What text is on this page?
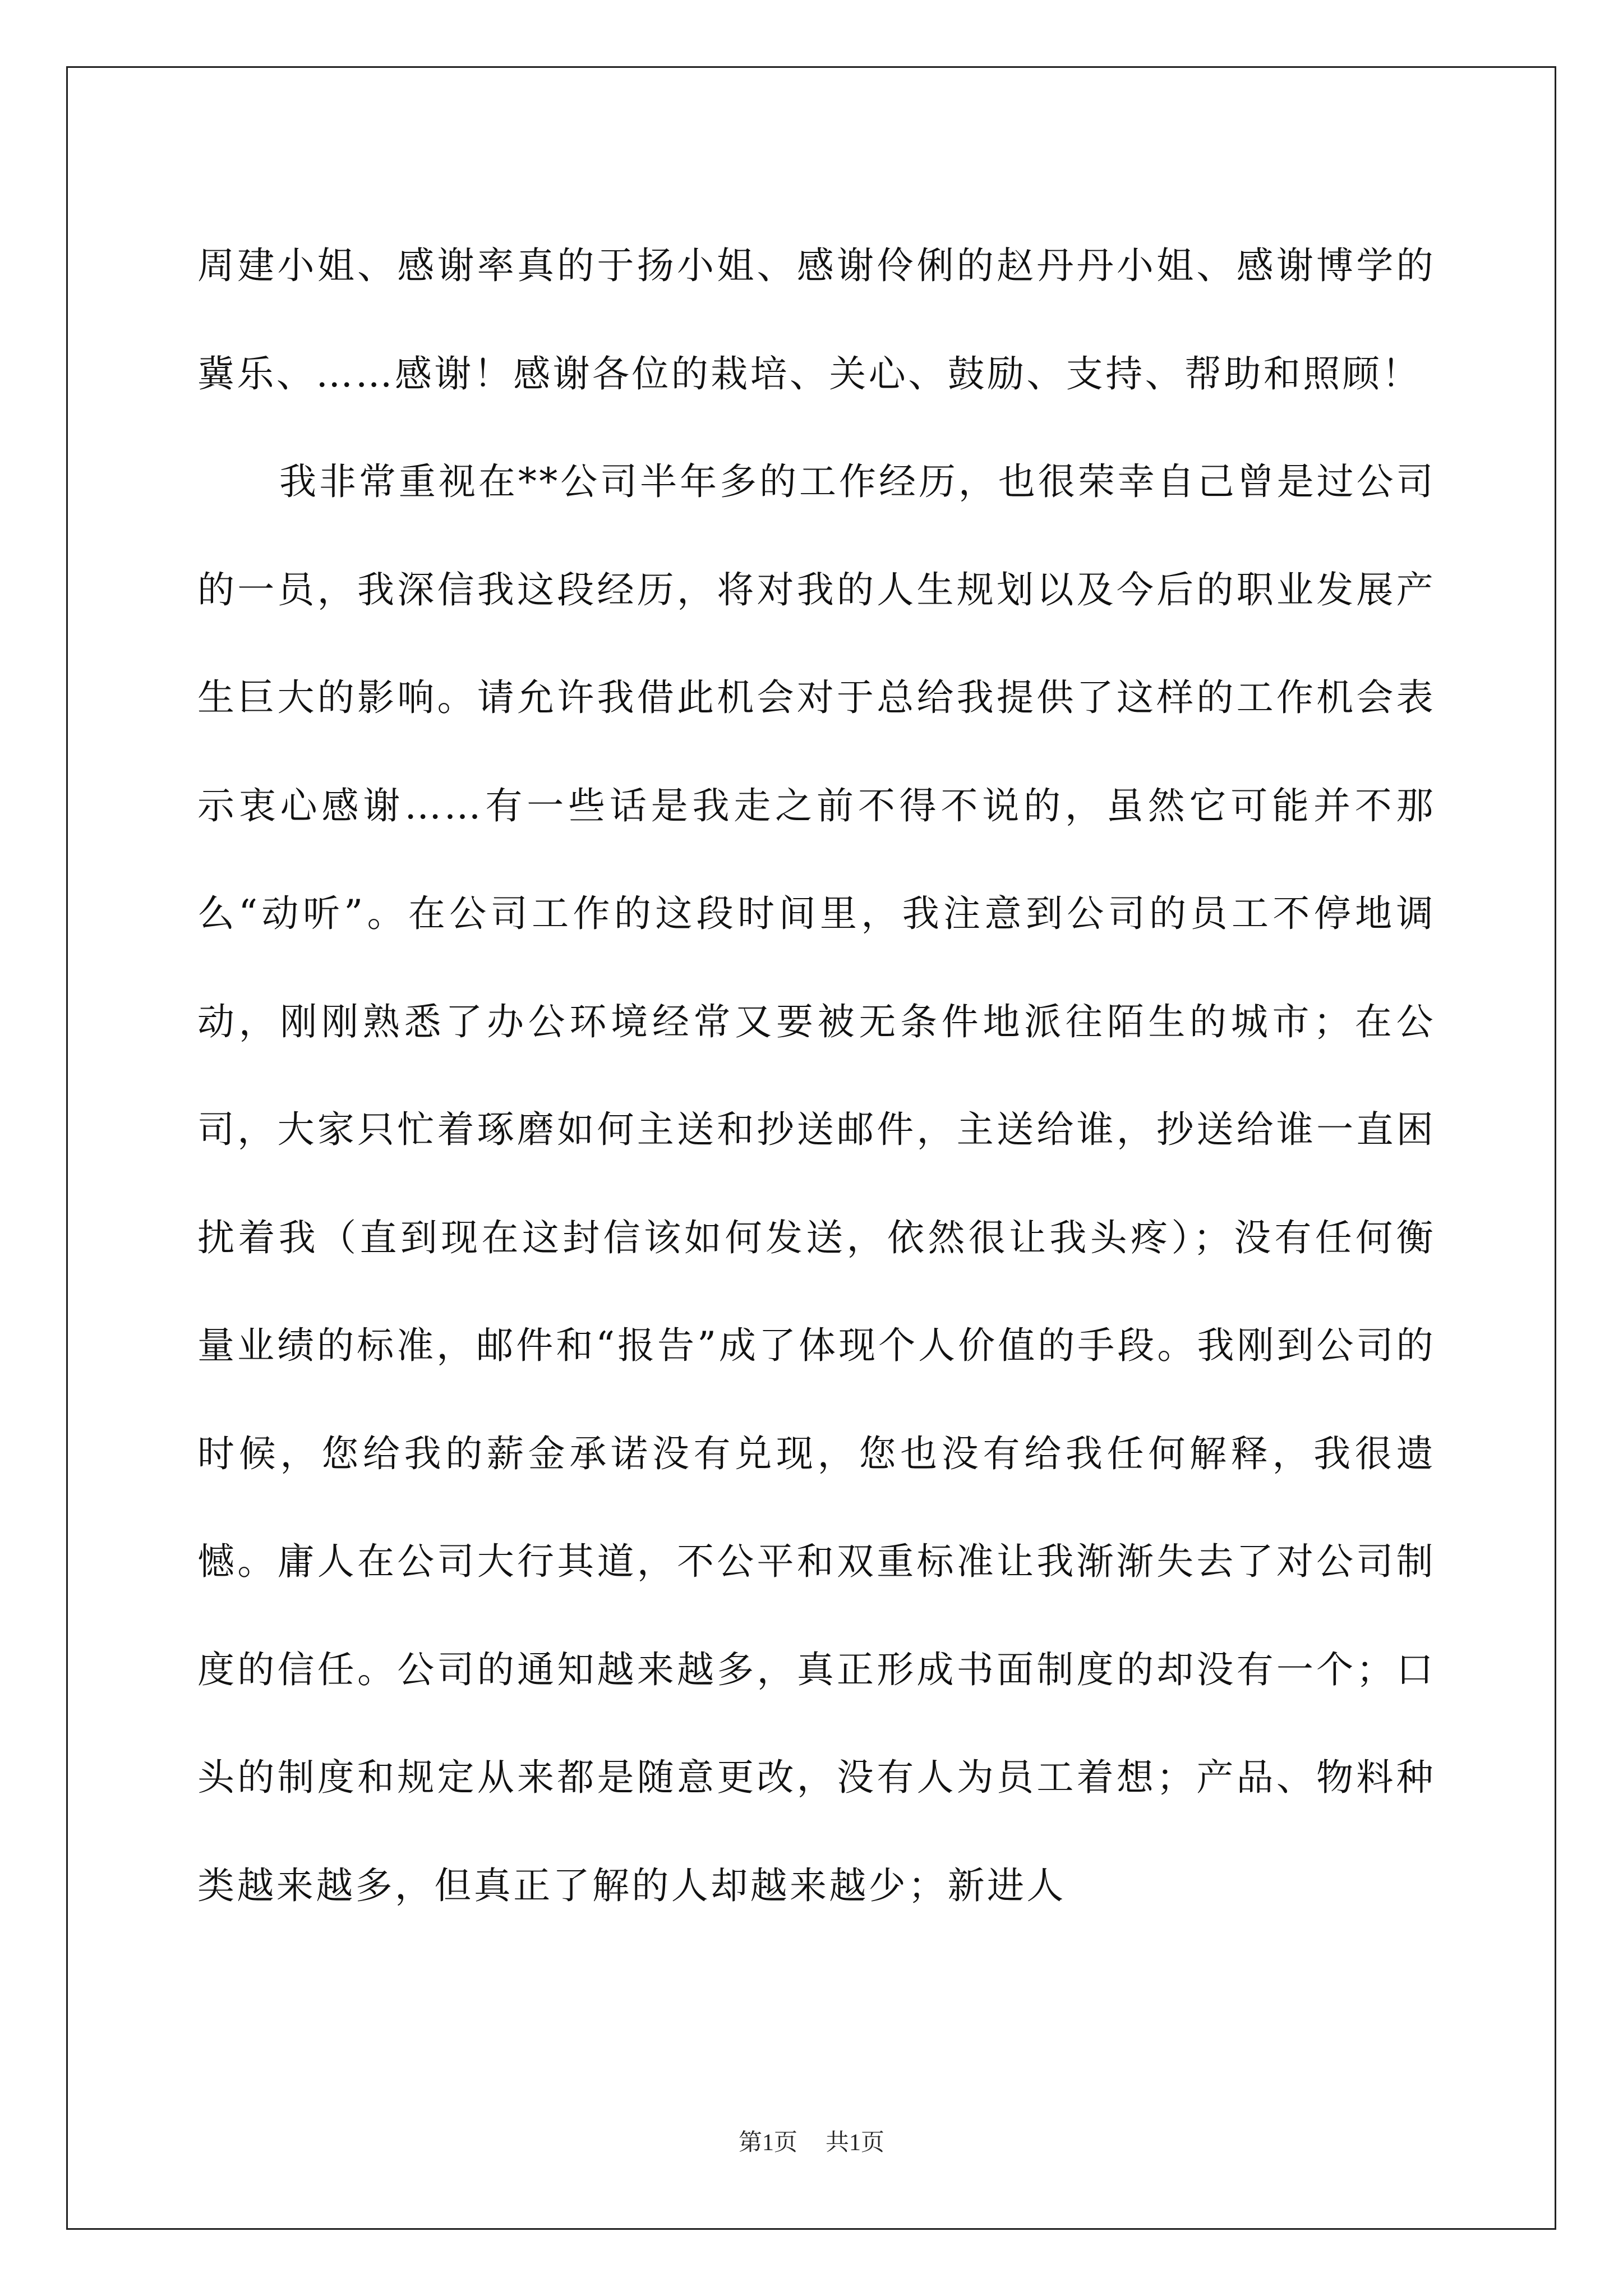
周建小姐、感谢率真的于扬小姐、感谢伶俐的赵丹丹小姐、感谢博学的冀乐、……感谢！感谢各位的栽培、关心、鼓励、支持、帮助和照顾！

我非常重视在**公司半年多的工作经历，也很荣幸自己曾是过公司的一员，我深信我这段经历，将对我的人生规划以及今后的职业发展产生巨大的影响。请允许我借此机会对于总给我提供了这样的工作机会表示衷心感谢……有一些话是我走之前不得不说的，虽然它可能并不那么“动听”。在公司工作的这段时间里，我注意到公司的员工不停地调动，刚刚熟悉了办公环境经常又要被无条件地派往陌生的城市；在公司，大家只忙着琢磨如何主送和抄送邮件，主送给谁，抄送给谁一直困扰着我（直到现在这封信该如何发送，依然很让我头疼）；没有任何衡量业绩的标准，邮件和“报告”成了体现个人价值的手段。我刚到公司的时候，您给我的薪金承诺没有兑现，您也没有给我任何解释，我很遗憾。庸人在公司大行其道，不公平和双重标准让我渐渐失去了对公司制度的信任。公司的通知越来越多，真正形成书面制度的却没有一个；口头的制度和规定从来都是随意更改，没有人为员工着想；产品、物料种类越来越多，但真正了解的人却越来越少；新进人

第1页 共1页
